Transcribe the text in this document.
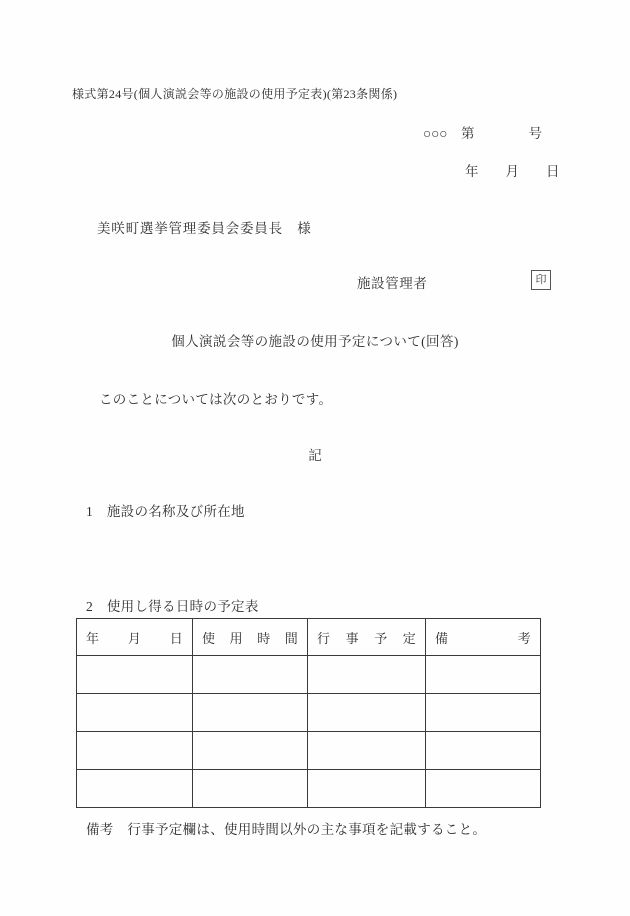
様式第24号(個人演説会等の施設の使用予定表)(第23条関係)
○○○　第　　　　号
年　　月　　日
美咲町選挙管理委員会委員長　様
施設管理者	印
個人演説会等の施設の使用予定について(回答)
このことについては次のとおりです。
記
1　施設の名称及び所在地
2　使用し得る日時の予定表
年 月 日	使 用 時 間	行 事 予 定	備 考

備考　行事予定欄は、使用時間以外の主な事項を記載すること。
